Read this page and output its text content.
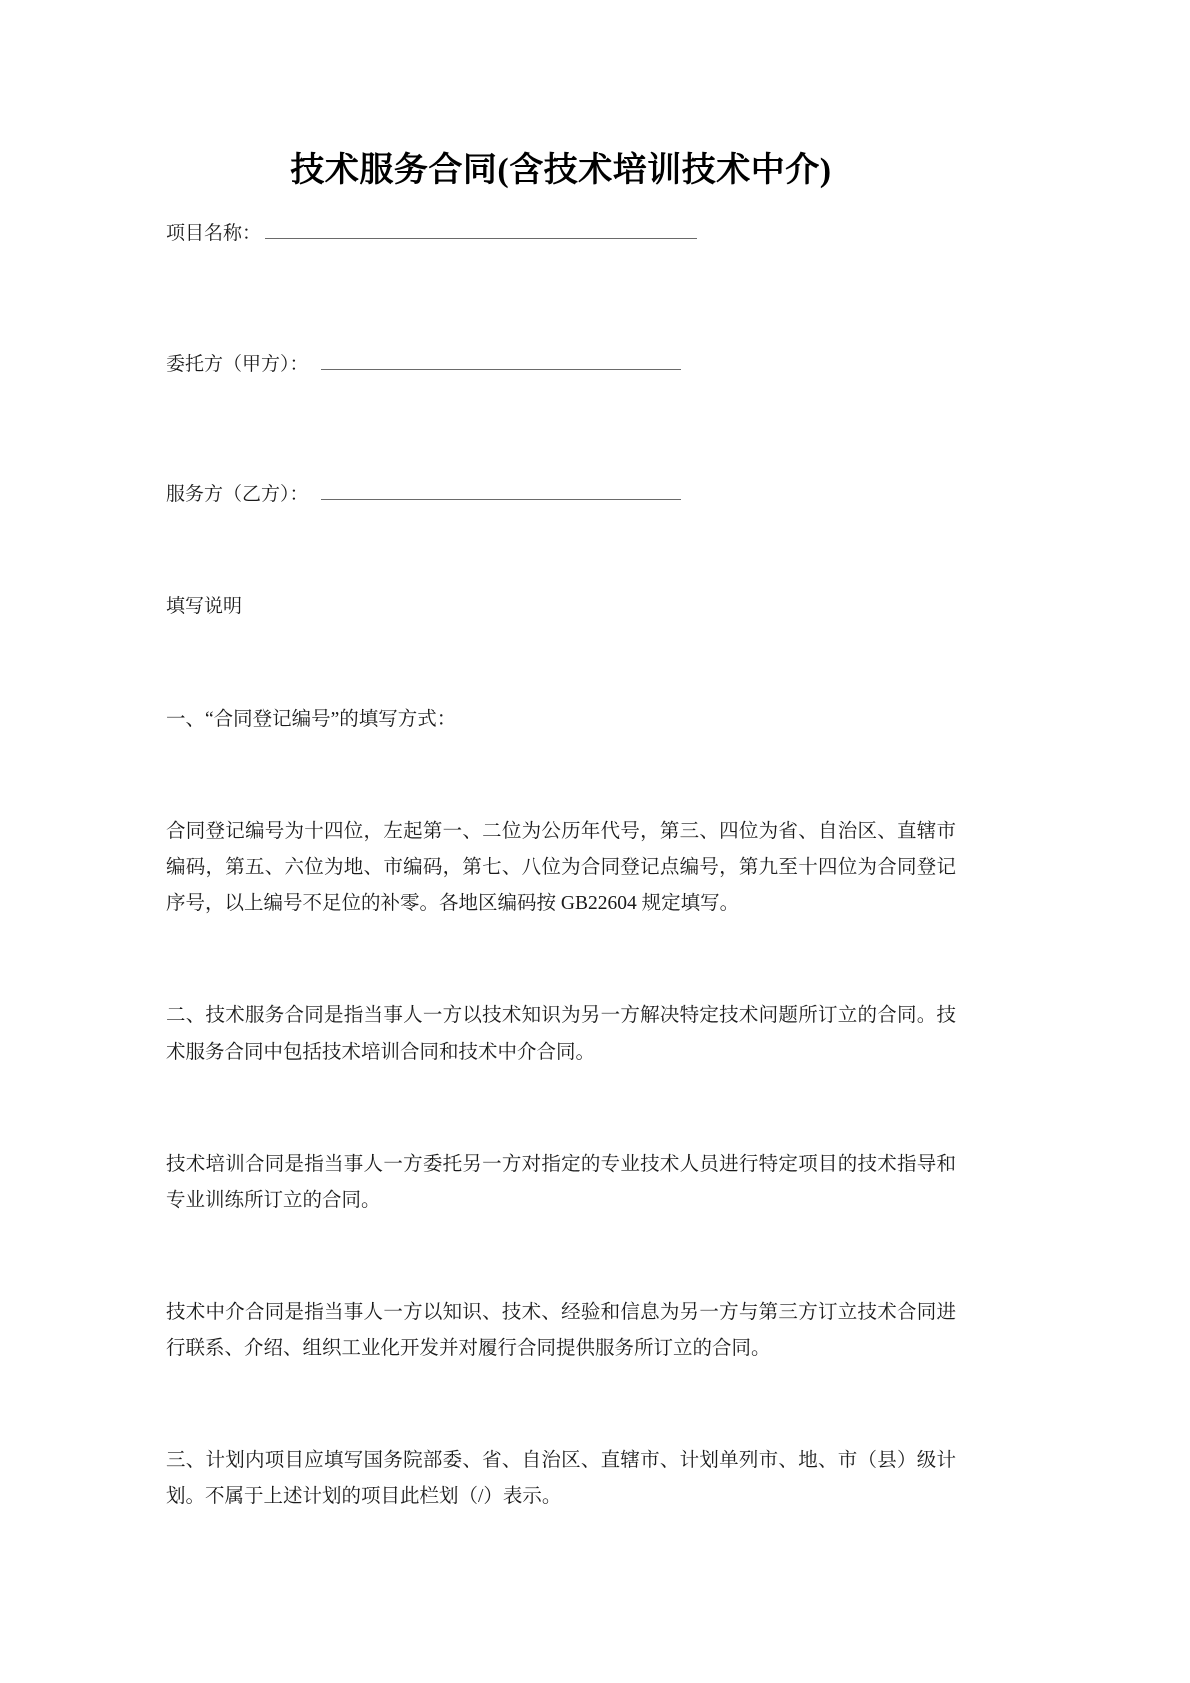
技术服务合同(含技术培训技术中介)
项目名称：
委托方（甲方）：
服务方（乙方）：

填写说明

一、“合同登记编号”的填写方式：

合同登记编号为十四位，左起第一、二位为公历年代号，第三、四位为省、自治区、直辖市编码，第五、六位为地、市编码，第七、八位为合同登记点编号，第九至十四位为合同登记序号，以上编号不足位的补零。各地区编码按 GB22604 规定填写。

二、技术服务合同是指当事人一方以技术知识为另一方解决特定技术问题所订立的合同。技术服务合同中包括技术培训合同和技术中介合同。

技术培训合同是指当事人一方委托另一方对指定的专业技术人员进行特定项目的技术指导和专业训练所订立的合同。

技术中介合同是指当事人一方以知识、技术、经验和信息为另一方与第三方订立技术合同进行联系、介绍、组织工业化开发并对履行合同提供服务所订立的合同。

三、计划内项目应填写国务院部委、省、自治区、直辖市、计划单列市、地、市（县）级计划。不属于上述计划的项目此栏划（/）表示。
